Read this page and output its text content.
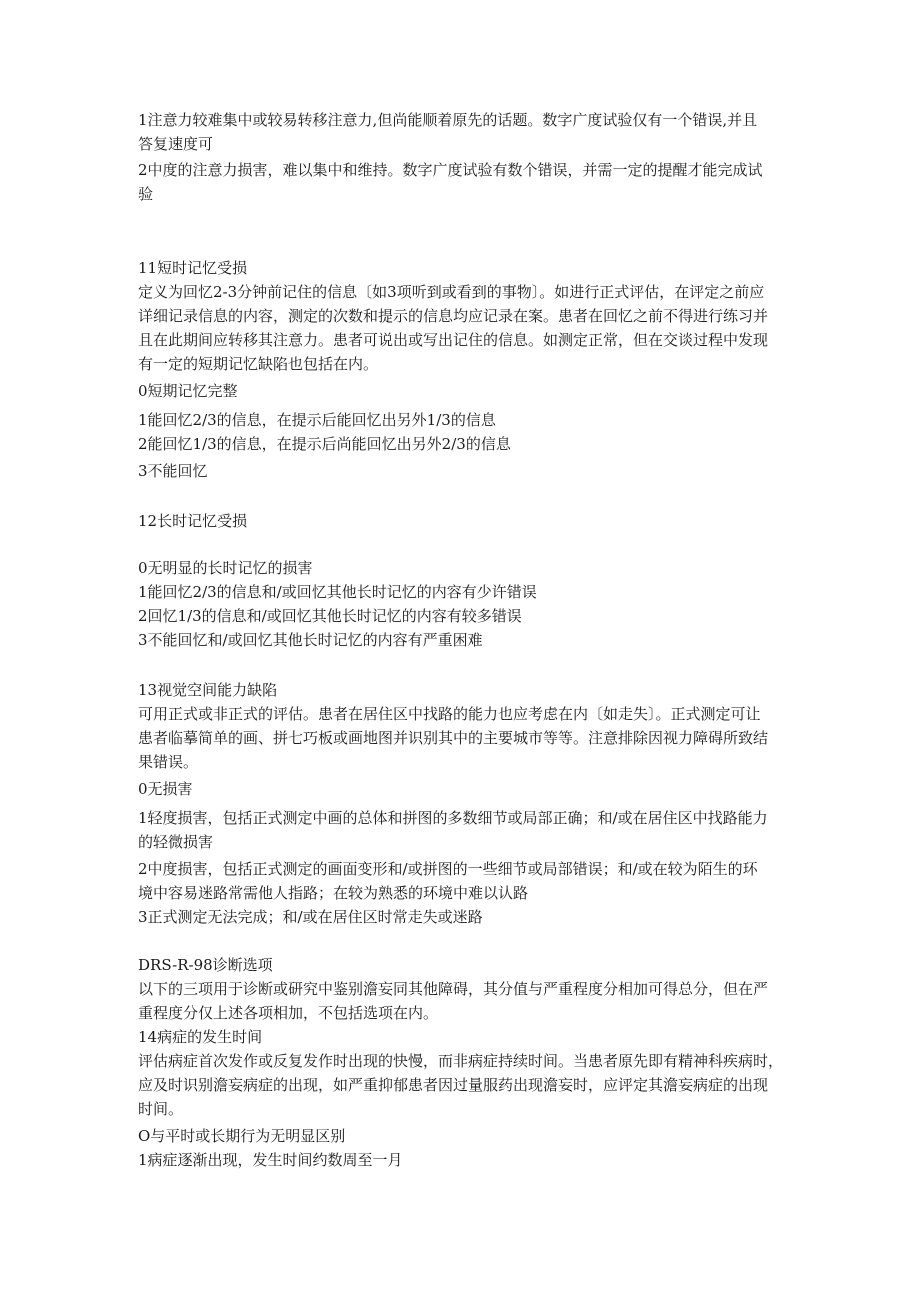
1注意力较难集中或较易转移注意力,但尚能顺着原先的话题。数字广度试验仅有一个错误,并且

答复速度可

2中度的注意力损害，难以集中和维持。数字广度试验有数个错误，并需一定的提醒才能完成试

验

11短时记忆受损

定义为回忆2-3分钟前记住的信息〔如3项听到或看到的事物〕。如进行正式评估，在评定之前应

详细记录信息的内容，测定的次数和提示的信息均应记录在案。患者在回忆之前不得进行练习并

且在此期间应转移其注意力。患者可说出或写出记住的信息。如测定正常，但在交谈过程中发现

有一定的短期记忆缺陷也包括在内。

0短期记忆完整

1能回忆2/3的信息，在提示后能回忆出另外1/3的信息

2能回忆1/3的信息，在提示后尚能回忆出另外2/3的信息

3不能回忆

12长时记忆受损

0无明显的长时记忆的损害

1能回忆2/3的信息和/或回忆其他长时记忆的内容有少许错误

2回忆1/3的信息和/或回忆其他长时记忆的内容有较多错误

3不能回忆和/或回忆其他长时记忆的内容有严重困难

13视觉空间能力缺陷

可用正式或非正式的评估。患者在居住区中找路的能力也应考虑在内〔如走失〕。正式测定可让

患者临摹简单的画、拼七巧板或画地图并识别其中的主要城市等等。注意排除因视力障碍所致结

果错误。

0无损害

1轻度损害，包括正式测定中画的总体和拼图的多数细节或局部正确；和/或在居住区中找路能力

的轻微损害

2中度损害，包括正式测定的画面变形和/或拼图的一些细节或局部错误；和/或在较为陌生的环

境中容易迷路常需他人指路；在较为熟悉的环境中难以认路

3正式测定无法完成；和/或在居住区时常走失或迷路

DRS-R-98诊断选项

以下的三项用于诊断或研究中鉴别澹妄同其他障碍，其分值与严重程度分相加可得总分，但在严

重程度分仅上述各项相加，不包括选项在内。

14病症的发生时间

评估病症首次发作或反复发作时出现的快慢，而非病症持续时间。当患者原先即有精神科疾病时，

应及时识别澹妄病症的出现，如严重抑郁患者因过量服药出现澹妄时，应评定其澹妄病症的出现

时间。

O与平时或长期行为无明显区别

1病症逐渐出现，发生时间约数周至一月
